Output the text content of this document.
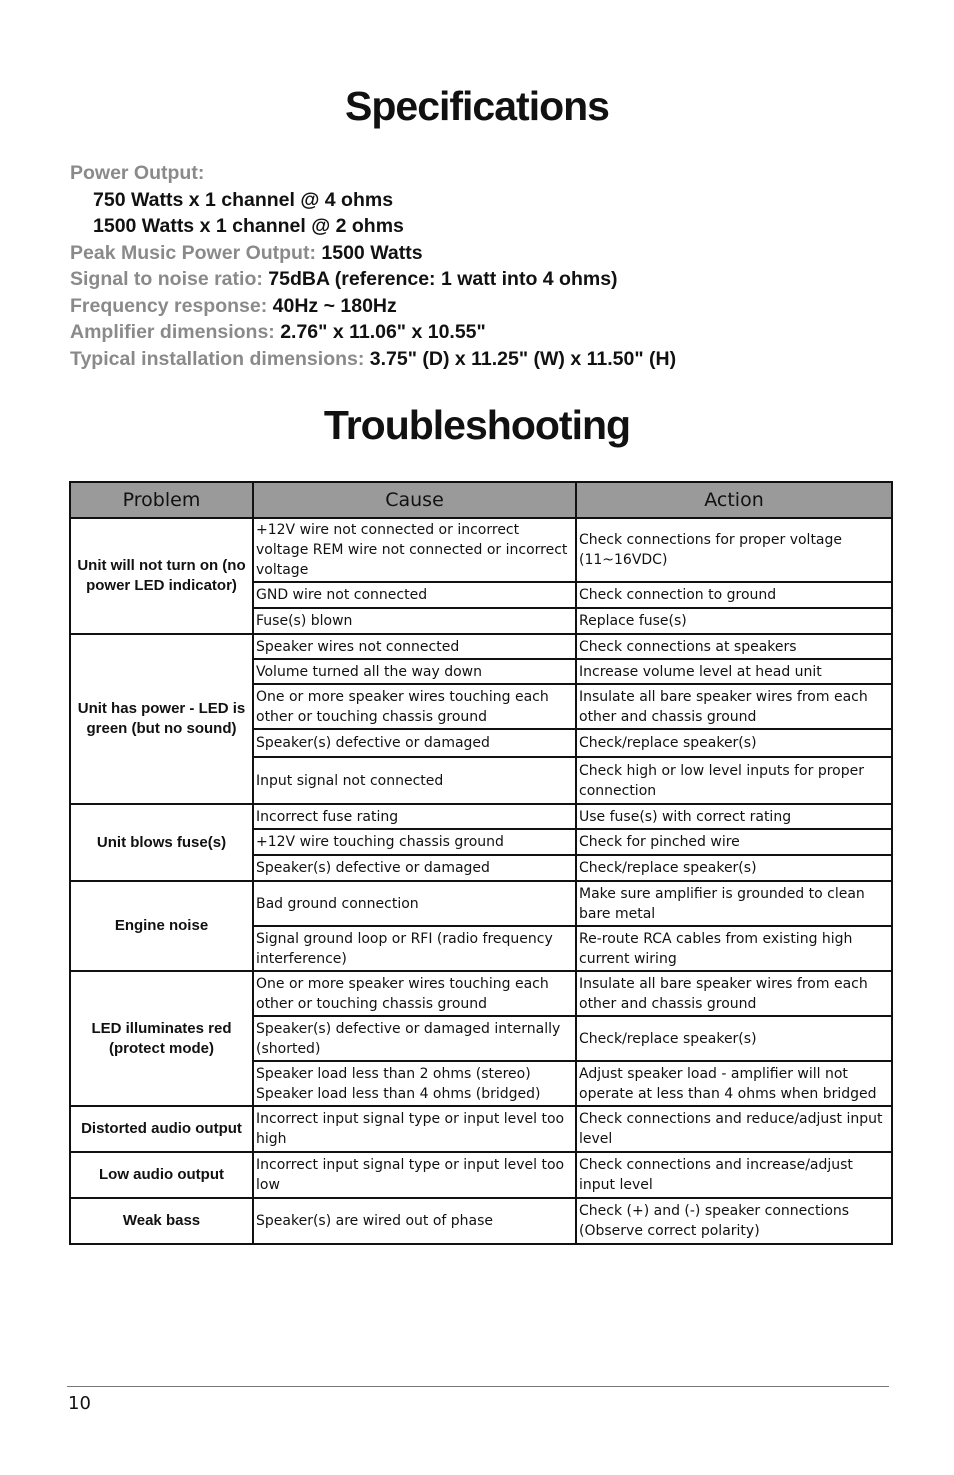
Specifications
Power Output:
750 Watts x 1 channel @ 4 ohms
1500 Watts x 1 channel @ 2 ohms
Peak Music Power Output: 1500 Watts
Signal to noise ratio: 75dBA (reference: 1 watt into 4 ohms)
Frequency response: 40Hz ~ 180Hz
Amplifier dimensions: 2.76" x 11.06" x 10.55"
Typical installation dimensions: 3.75" (D) x 11.25" (W) x 11.50" (H)
Troubleshooting
Problem	Cause	Action
Unit will not turn on (no power LED indicator)	+12V wire not connected or incorrect voltage REM wire not connected or incorrect voltage	Check connections for proper voltage (11~16VDC)
	GND wire not connected	Check connection to ground
	Fuse(s) blown	Replace fuse(s)
Unit has power - LED is green (but no sound)	Speaker wires not connected	Check connections at speakers
	Volume turned all the way down	Increase volume level at head unit
	One or more speaker wires touching each other or touching chassis ground	Insulate all bare speaker wires from each other and chassis ground
	Speaker(s) defective or damaged	Check/replace speaker(s)
	Input signal not connected	Check high or low level inputs for proper connection
Unit blows fuse(s)	Incorrect fuse rating	Use fuse(s) with correct rating
	+12V wire touching chassis ground	Check for pinched wire
	Speaker(s) defective or damaged	Check/replace speaker(s)
Engine noise	Bad ground connection	Make sure amplifier is grounded to clean bare metal
	Signal ground loop or RFI (radio frequency interference)	Re-route RCA cables from existing high current wiring
LED illuminates red (protect mode)	One or more speaker wires touching each other or touching chassis ground	Insulate all bare speaker wires from each other and chassis ground
	Speaker(s) defective or damaged internally (shorted)	Check/replace speaker(s)
	Speaker load less than 2 ohms (stereo) Speaker load less than 4 ohms (bridged)	Adjust speaker load - amplifier will not operate at less than 4 ohms when bridged
Distorted audio output	Incorrect input signal type or input level too high	Check connections and reduce/adjust input level
Low audio output	Incorrect input signal type or input level too low	Check connections and increase/adjust input level
Weak bass	Speaker(s) are wired out of phase	Check (+) and (-) speaker connections (Observe correct polarity)
10
